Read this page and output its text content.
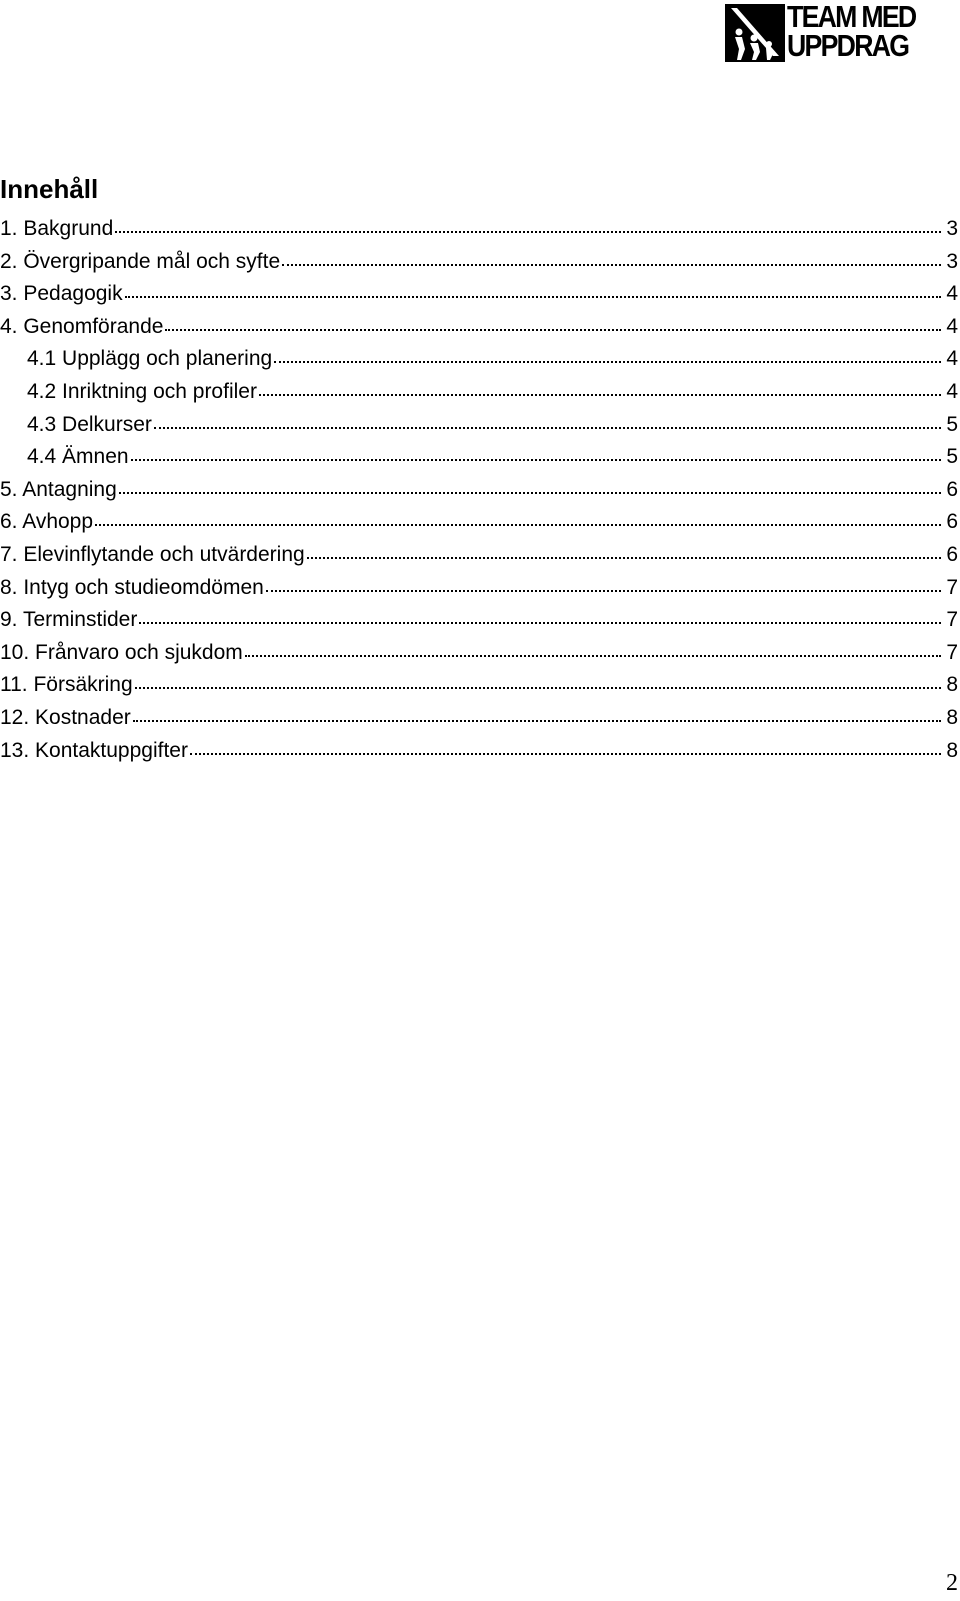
TEAM MED
UPPDRAG
Innehåll
1. Bakgrund	3
2. Övergripande mål och syfte	3
3. Pedagogik	4
4. Genomförande	4
4.1 Upplägg och planering	4
4.2 Inriktning och profiler	4
4.3 Delkurser	5
4.4 Ämnen	5
5. Antagning	6
6. Avhopp	6
7. Elevinflytande och utvärdering	6
8. Intyg och studieomdömen	7
9. Terminstider	7
10. Frånvaro och sjukdom	7
11. Försäkring	8
12. Kostnader	8
13. Kontaktuppgifter	8
2
